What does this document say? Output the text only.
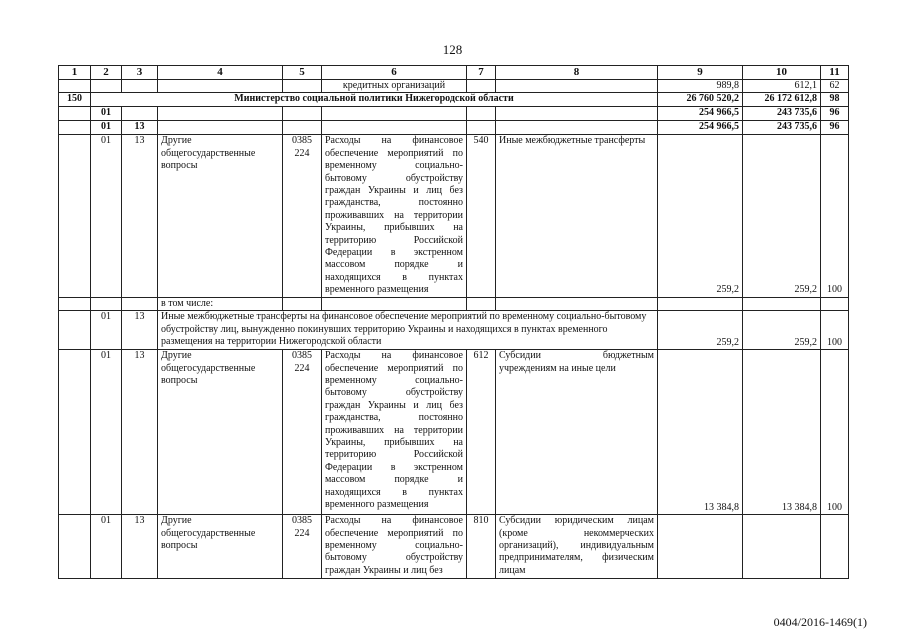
128
1	2	3	4	5	6	7	8	9	10	11
					кредитных организаций			989,8	612,1	62
150	Министерство социальной политики Нижегородской области							26 760 520,2	26 172 612,8	98
	01							254 966,5	243 735,6	96
	01	13						254 966,5	243 735,6	96
	01	13	Другие общегосударственные вопросы	0385 224	Расходы на финансовое обеспечение мероприятий по временному социально-бытовому обустройству граждан Украины и лиц без гражданства, постоянно проживавших на территории Украины, прибывших на территорию Российской Федерации в экстренном массовом порядке и находящихся в пунктах временного размещения	540	Иные межбюджетные трансферты	259,2	259,2	100
			в том числе:							
	01	13	Иные межбюджетные трансферты на финансовое обеспечение мероприятий по временному социально-бытовому обустройству лиц, вынужденно покинувших территорию Украины и находящихся в пунктах временного размещения на территории Нижегородской области					259,2	259,2	100
	01	13	Другие общегосударственные вопросы	0385 224	Расходы на финансовое обеспечение мероприятий по временному социально-бытовому обустройству граждан Украины и лиц без гражданства, постоянно проживавших на территории Украины, прибывших на территорию Российской Федерации в экстренном массовом порядке и находящихся в пунктах временного размещения	612	Субсидии бюджетным учреждениям на иные цели	13 384,8	13 384,8	100
	01	13	Другие общегосударственные вопросы	0385 224	Расходы на финансовое обеспечение мероприятий по временному социально-бытовому обустройству граждан Украины и лиц без	810	Субсидии юридическим лицам (кроме некоммерческих организаций), индивидуальным предпринимателям, физическим лицам			
0404/2016-1469(1)
